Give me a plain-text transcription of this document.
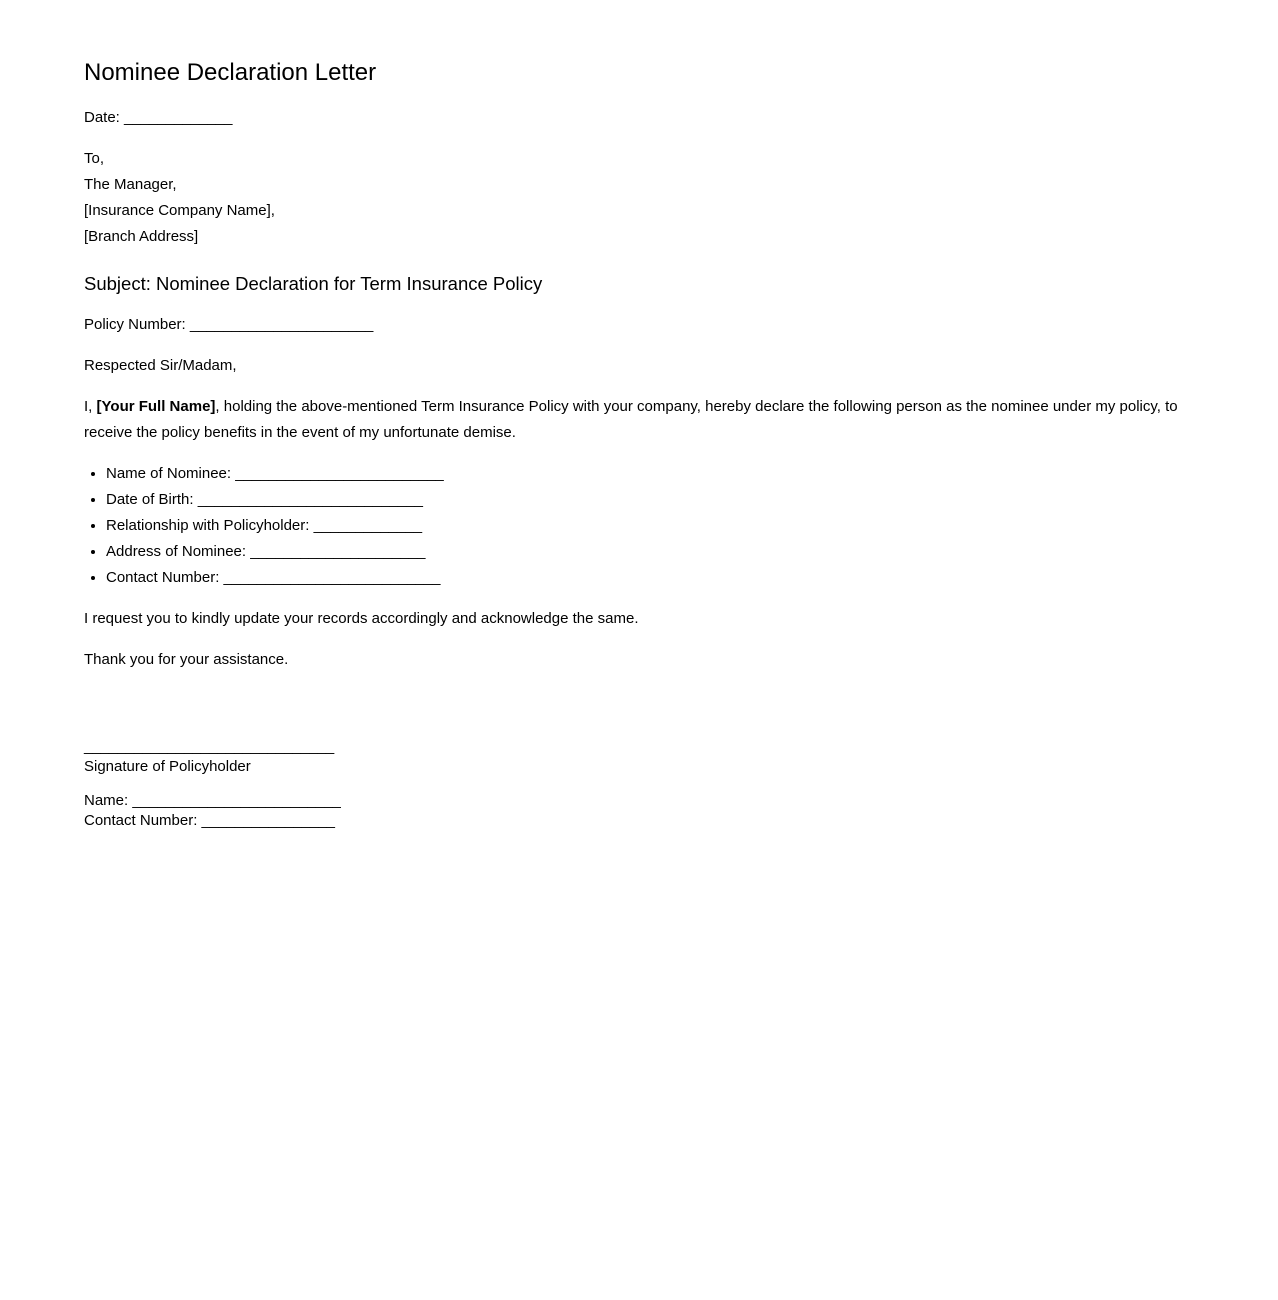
Nominee Declaration Letter

Date: _____________

To,
The Manager,
[Insurance Company Name],
[Branch Address]

Subject: Nominee Declaration for Term Insurance Policy

Policy Number: ______________________

Respected Sir/Madam,

I, [Your Full Name], holding the above-mentioned Term Insurance Policy with your company, hereby declare the following person as the nominee under my policy, to receive the policy benefits in the event of my unfortunate demise.

• Name of Nominee: _________________________
• Date of Birth: ___________________________
• Relationship with Policyholder: _____________
• Address of Nominee: _____________________
• Contact Number: __________________________

I request you to kindly update your records accordingly and acknowledge the same.

Thank you for your assistance.

______________________________
Signature of Policyholder

Name: _________________________
Contact Number: ________________
